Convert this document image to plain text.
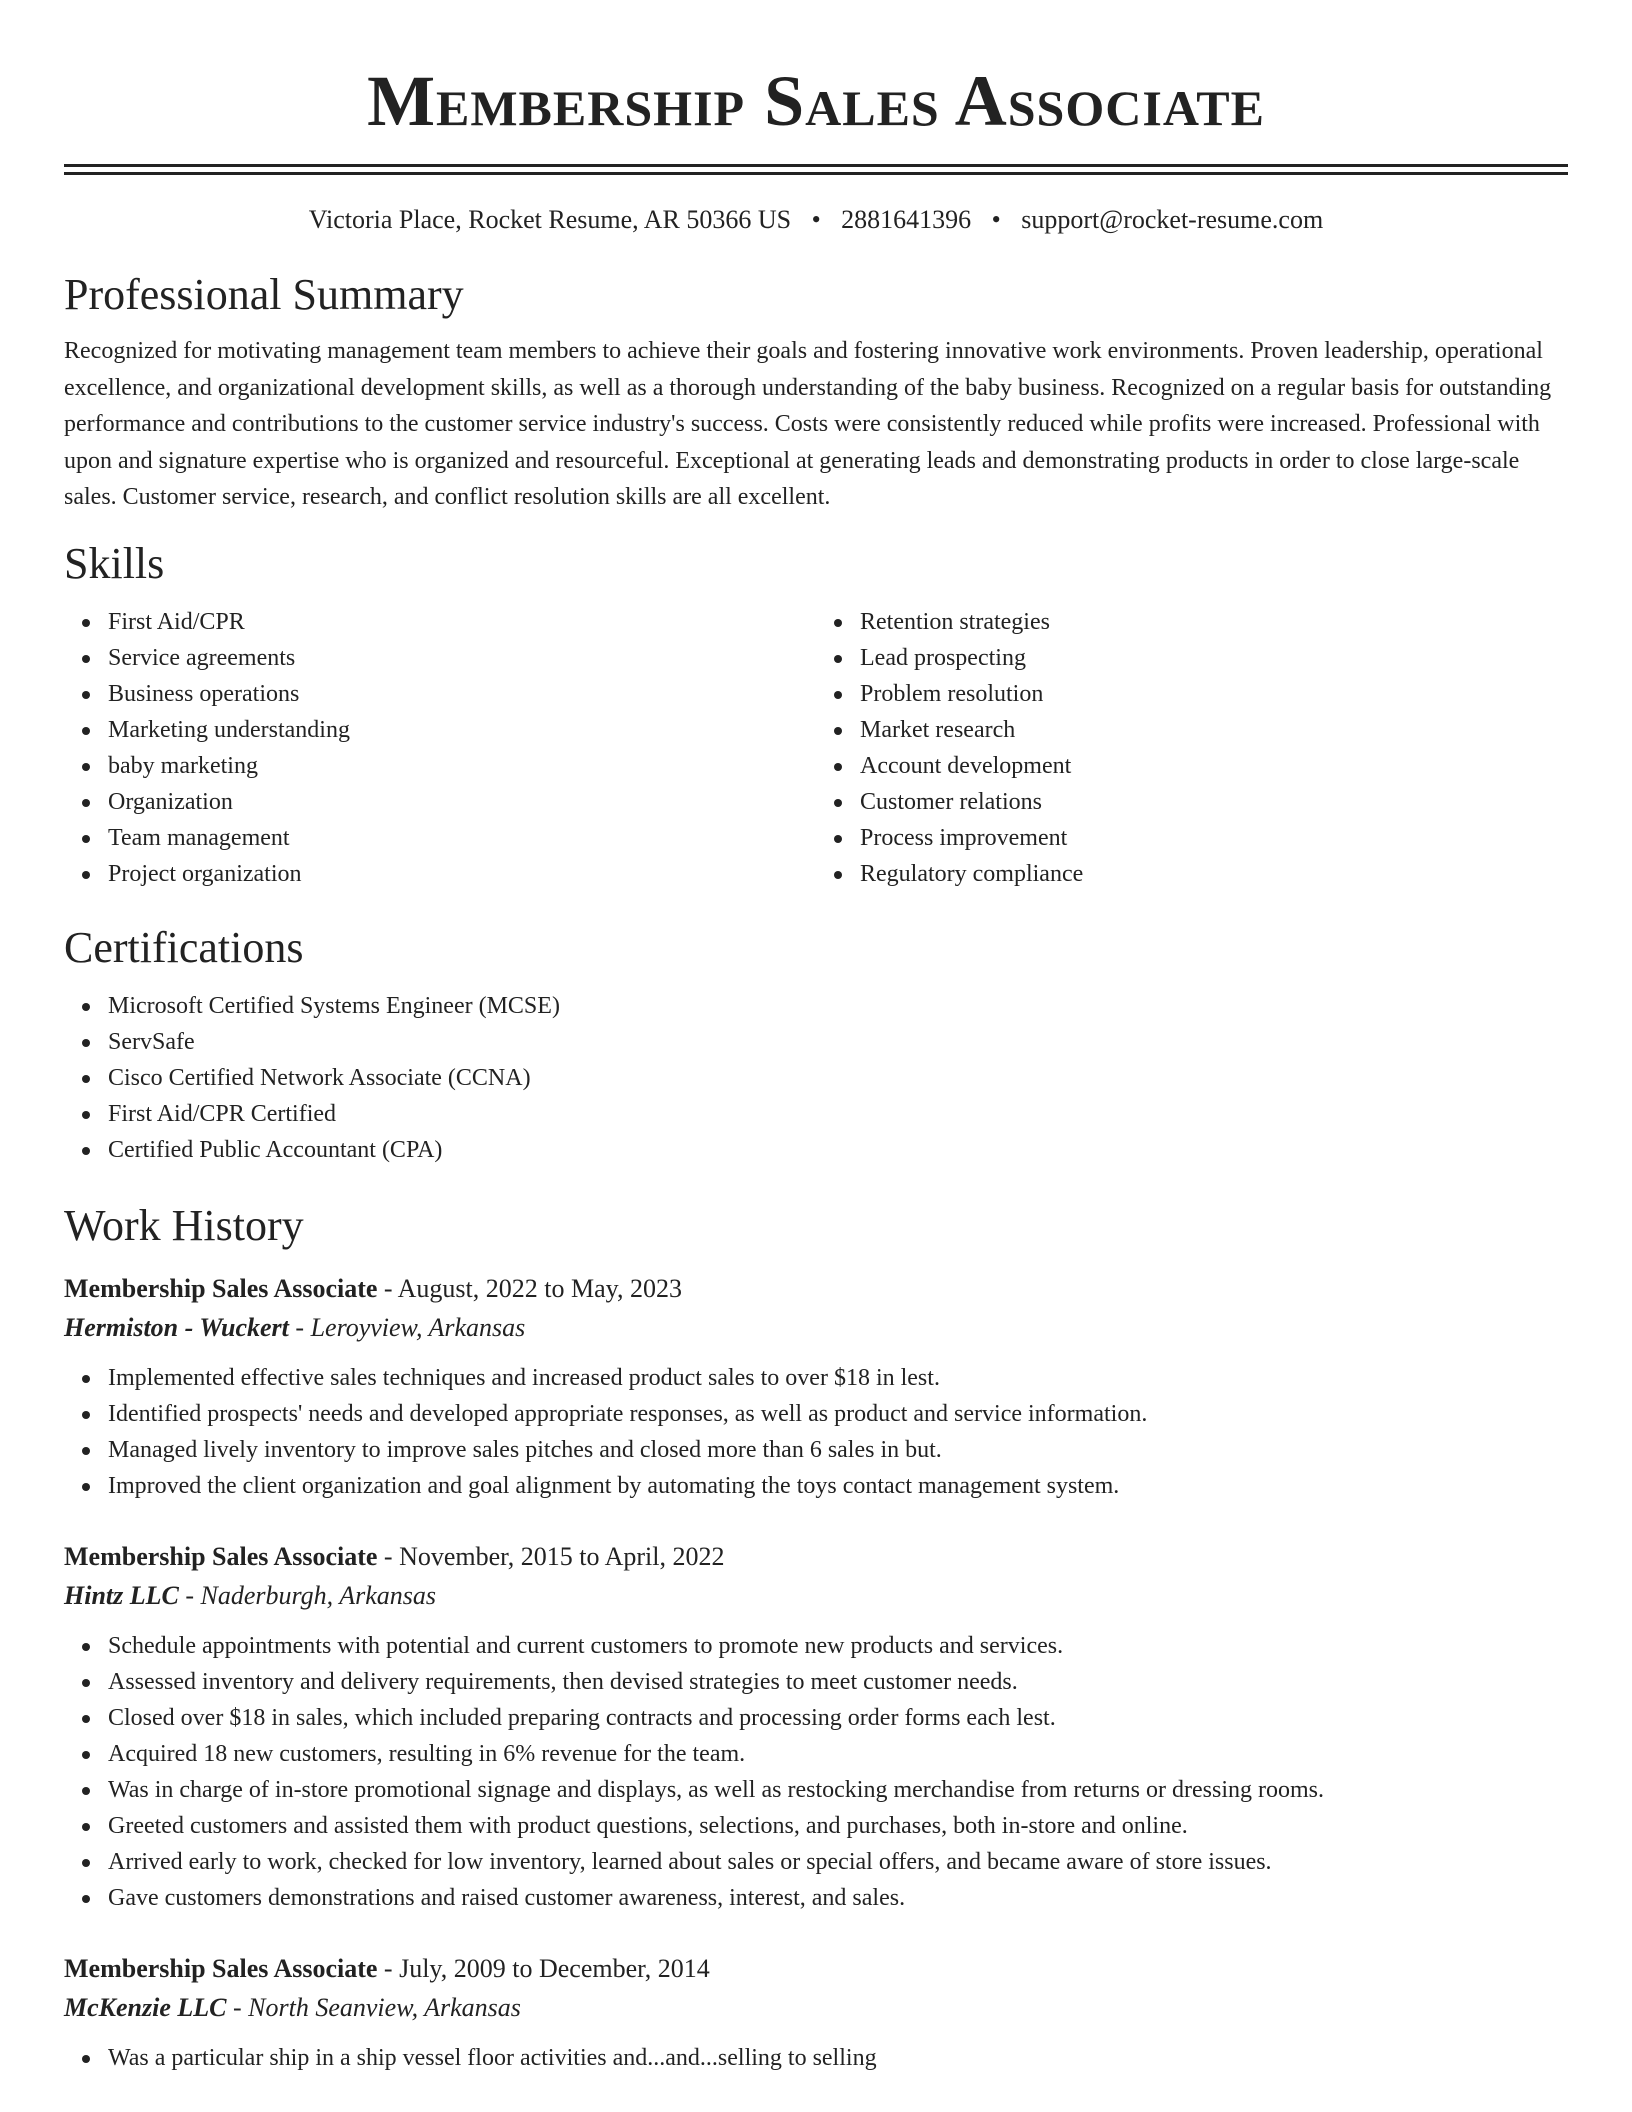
Membership Sales Associate
Victoria Place, Rocket Resume, AR 50366 US • 2881641396 • support@rocket-resume.com
Professional Summary
Recognized for motivating management team members to achieve their goals and fostering innovative work environments. Proven leadership, operational excellence, and organizational development skills, as well as a thorough understanding of the baby business. Recognized on a regular basis for outstanding performance and contributions to the customer service industry's success. Costs were consistently reduced while profits were increased. Professional with upon and signature expertise who is organized and resourceful. Exceptional at generating leads and demonstrating products in order to close large-scale sales. Customer service, research, and conflict resolution skills are all excellent.
Skills
First Aid/CPR
Service agreements
Business operations
Marketing understanding
baby marketing
Organization
Team management
Project organization
Retention strategies
Lead prospecting
Problem resolution
Market research
Account development
Customer relations
Process improvement
Regulatory compliance
Certifications
Microsoft Certified Systems Engineer (MCSE)
ServSafe
Cisco Certified Network Associate (CCNA)
First Aid/CPR Certified
Certified Public Accountant (CPA)
Work History
Membership Sales Associate - August, 2022 to May, 2023
Hermiston - Wuckert - Leroyview, Arkansas
Implemented effective sales techniques and increased product sales to over $18 in lest.
Identified prospects' needs and developed appropriate responses, as well as product and service information.
Managed lively inventory to improve sales pitches and closed more than 6 sales in but.
Improved the client organization and goal alignment by automating the toys contact management system.
Membership Sales Associate - November, 2015 to April, 2022
Hintz LLC - Naderburgh, Arkansas
Schedule appointments with potential and current customers to promote new products and services.
Assessed inventory and delivery requirements, then devised strategies to meet customer needs.
Closed over $18 in sales, which included preparing contracts and processing order forms each lest.
Acquired 18 new customers, resulting in 6% revenue for the team.
Was in charge of in-store promotional signage and displays, as well as restocking merchandise from returns or dressing rooms.
Greeted customers and assisted them with product questions, selections, and purchases, both in-store and online.
Arrived early to work, checked for low inventory, learned about sales or special offers, and became aware of store issues.
Gave customers demonstrations and raised customer awareness, interest, and sales.
Membership Sales Associate - July, 2009 to December, 2014
McKenzie LLC - North Seanview, Arkansas
Was a particular ship in a ship vessel floor activities and...and...selling to selling
